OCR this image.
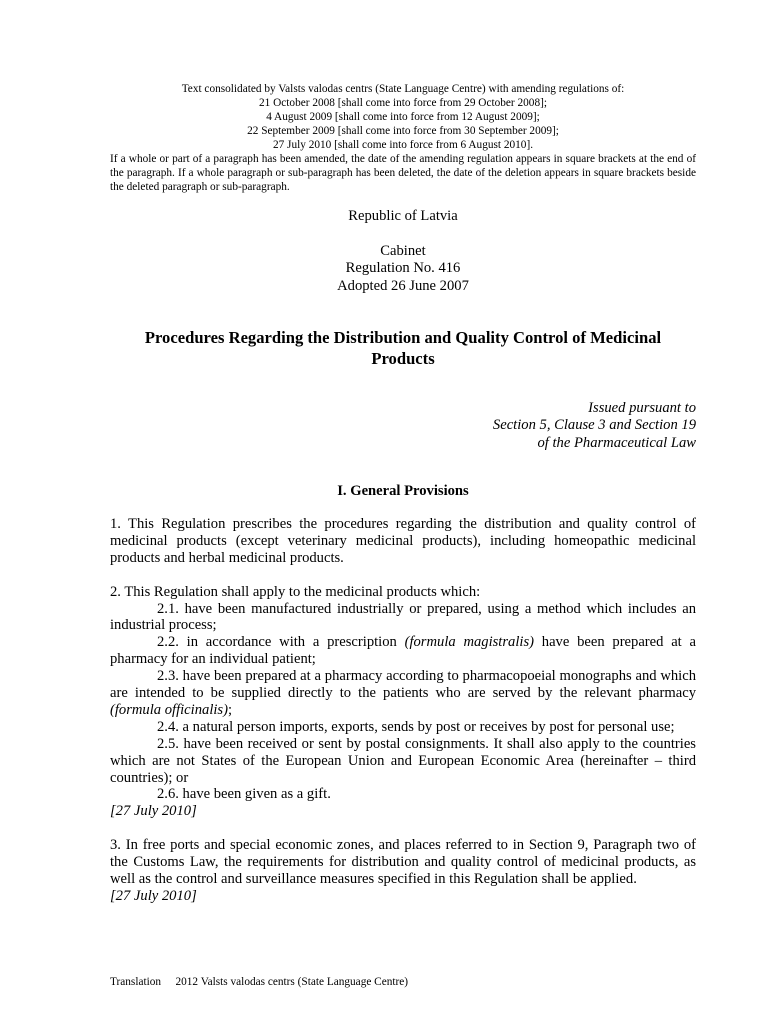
Text consolidated by Valsts valodas centrs (State Language Centre) with amending regulations of:
21 October 2008 [shall come into force from 29 October 2008];
4 August 2009 [shall come into force from 12 August 2009];
22 September 2009 [shall come into force from 30 September 2009];
27 July 2010 [shall come into force from 6 August 2010].
If a whole or part of a paragraph has been amended, the date of the amending regulation appears in square brackets at the end of the paragraph. If a whole paragraph or sub-paragraph has been deleted, the date of the deletion appears in square brackets beside the deleted paragraph or sub-paragraph.
Republic of Latvia
Cabinet
Regulation No. 416
Adopted 26 June 2007
Procedures Regarding the Distribution and Quality Control of Medicinal Products
Issued pursuant to
Section 5, Clause 3 and Section 19
of the Pharmaceutical Law
I. General Provisions

1. This Regulation prescribes the procedures regarding the distribution and quality control of medicinal products (except veterinary medicinal products), including homeopathic medicinal products and herbal medicinal products.

2. This Regulation shall apply to the medicinal products which:

2.1. have been manufactured industrially or prepared, using a method which includes an industrial process;

2.2. in accordance with a prescription (formula magistralis) have been prepared at a pharmacy for an individual patient;

2.3. have been prepared at a pharmacy according to pharmacopoeial monographs and which are intended to be supplied directly to the patients who are served by the relevant pharmacy (formula officinalis);

2.4. a natural person imports, exports, sends by post or receives by post for personal use;

2.5. have been received or sent by postal consignments. It shall also apply to the countries which are not States of the European Union and European Economic Area (hereinafter – third countries); or

2.6. have been given as a gift.

[27 July 2010]

3. In free ports and special economic zones, and places referred to in Section 9, Paragraph two of the Customs Law, the requirements for distribution and quality control of medicinal products, as well as the control and surveillance measures specified in this Regulation shall be applied.

[27 July 2010]

Translation   2012 Valsts valodas centrs (State Language Centre)
